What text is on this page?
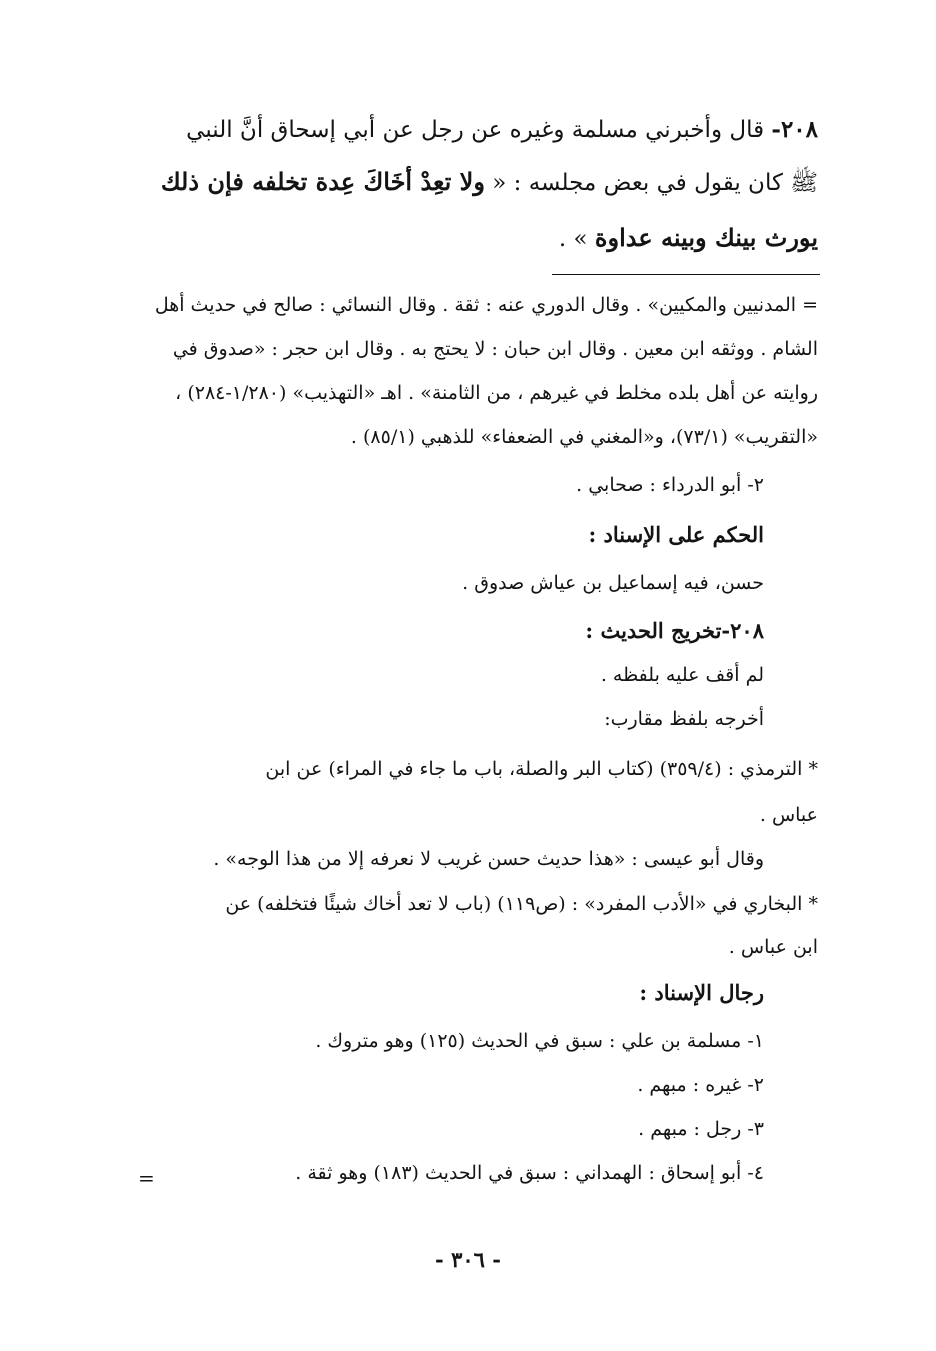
٢٠٨- قال وأخبرني مسلمة وغيره عن رجل عن أبي إسحاق أنَّ النبي
ﷺ كان يقول في بعض مجلسه : « ولا تعِدْ أخَاكَ عِدة تخلفه فإن ذلك
يورث بينك وبينه عداوة » .
= المدنيين والمكيين» . وقال الدوري عنه : ثقة . وقال النسائي : صالح في حديث أهل
الشام . ووثقه ابن معين . وقال ابن حبان : لا يحتج به . وقال ابن حجر : «صدوق في
روايته عن أهل بلده مخلط في غيرهم ، من الثامنة» . اهـ «التهذيب» (١/٢٨٠-٢٨٤) ،
«التقريب» (٧٣/١)، و«المغني في الضعفاء» للذهبي (٨٥/١) .
٢- أبو الدرداء : صحابي .
الحكم على الإسناد :
حسن، فيه إسماعيل بن عياش صدوق .
٢٠٨-تخريج الحديث :
لم أقف عليه بلفظه .
أخرجه بلفظ مقارب:
* الترمذي : (٣٥٩/٤) (كتاب البر والصلة، باب ما جاء في المراء) عن ابن
عباس .
وقال أبو عيسى : «هذا حديث حسن غريب لا نعرفه إلا من هذا الوجه» .
* البخاري في «الأدب المفرد» : (ص١١٩) (باب لا تعد أخاك شيئًا فتخلفه) عن
ابن عباس .
رجال الإسناد :
١- مسلمة بن علي : سبق في الحديث (١٢٥) وهو متروك .
٢- غيره : مبهم .
٣- رجل : مبهم .
٤- أبو إسحاق : الهمداني : سبق في الحديث (١٨٣) وهو ثقة .
=
- ٣٠٦ -
